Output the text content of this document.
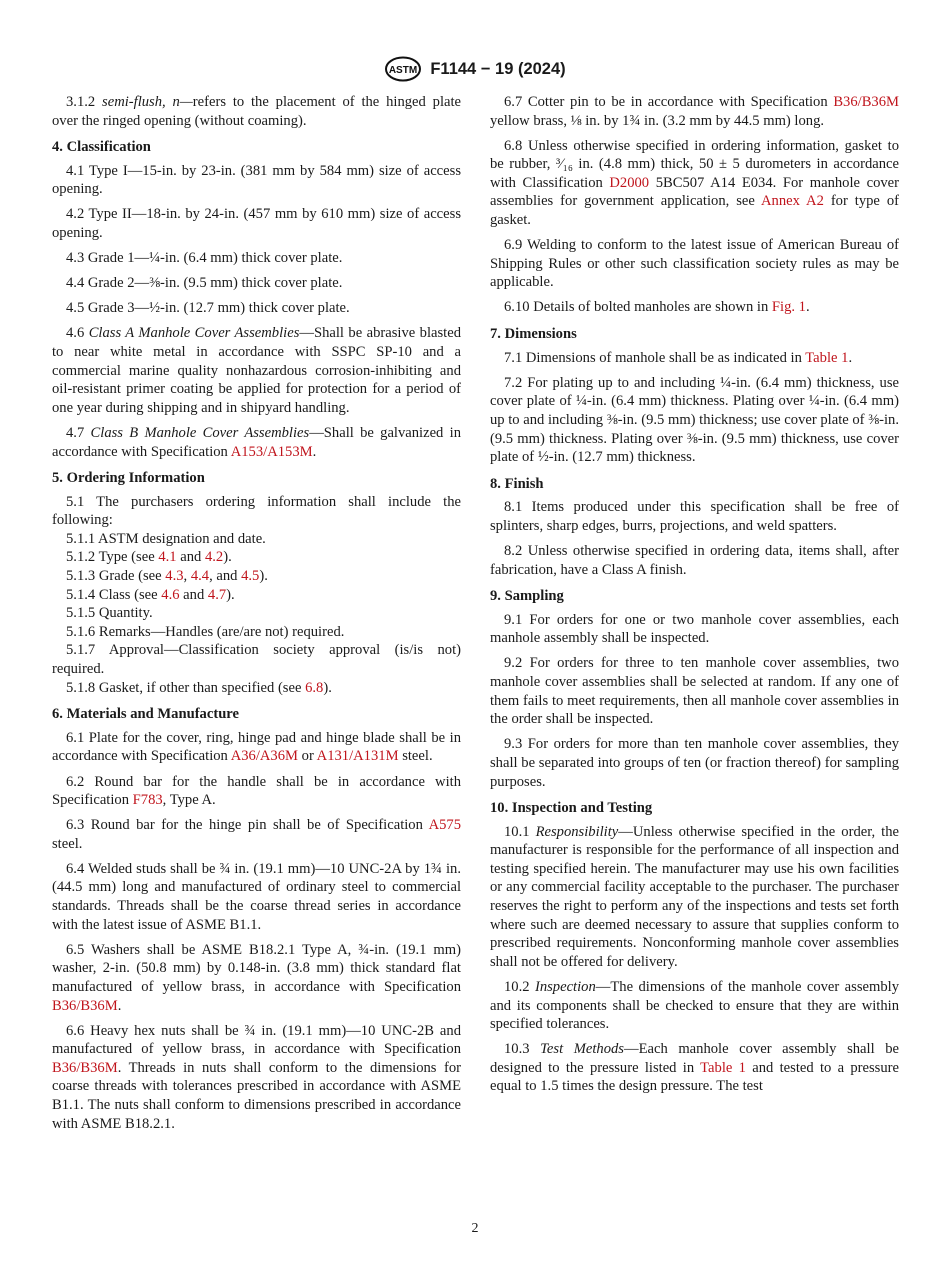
ASTM F1144 − 19 (2024)

3.1.2 semi-flush, n—refers to the placement of the hinged plate over the ringed opening (without coaming).

4. Classification

4.1 Type I—15-in. by 23-in. (381 mm by 584 mm) size of access opening.

4.2 Type II—18-in. by 24-in. (457 mm by 610 mm) size of access opening.

4.3 Grade 1—¼-in. (6.4 mm) thick cover plate.

4.4 Grade 2—⅜-in. (9.5 mm) thick cover plate.

4.5 Grade 3—½-in. (12.7 mm) thick cover plate.

4.6 Class A Manhole Cover Assemblies—Shall be abrasive blasted to near white metal in accordance with SSPC SP-10 and a commercial marine quality nonhazardous corrosion-inhibiting and oil-resistant primer coating be applied for protection for a period of one year during shipping and in shipyard handling.

4.7 Class B Manhole Cover Assemblies—Shall be galvanized in accordance with Specification A153/A153M.

5. Ordering Information

5.1 The purchasers ordering information shall include the following:

5.1.1 ASTM designation and date.
5.1.2 Type (see 4.1 and 4.2).
5.1.3 Grade (see 4.3, 4.4, and 4.5).
5.1.4 Class (see 4.6 and 4.7).
5.1.5 Quantity.
5.1.6 Remarks—Handles (are/are not) required.
5.1.7 Approval—Classification society approval (is/is not) required.
5.1.8 Gasket, if other than specified (see 6.8).
6. Materials and Manufacture

6.1 Plate for the cover, ring, hinge pad and hinge blade shall be in accordance with Specification A36/A36M or A131/A131M steel.

6.2 Round bar for the handle shall be in accordance with Specification F783, Type A.

6.3 Round bar for the hinge pin shall be of Specification A575 steel.

6.4 Welded studs shall be ¾ in. (19.1 mm)—10 UNC-2A by 1¾ in. (44.5 mm) long and manufactured of ordinary steel to commercial standards. Threads shall be the coarse thread series in accordance with the latest issue of ASME B1.1.

6.5 Washers shall be ASME B18.2.1 Type A, ¾-in. (19.1 mm) washer, 2-in. (50.8 mm) by 0.148-in. (3.8 mm) thick standard flat manufactured of yellow brass, in accordance with Specification B36/B36M.

6.6 Heavy hex nuts shall be ¾ in. (19.1 mm)—10 UNC-2B and manufactured of yellow brass, in accordance with Specification B36/B36M. Threads in nuts shall conform to the dimensions for coarse threads with tolerances prescribed in accordance with ASME B1.1. The nuts shall conform to dimensions prescribed in accordance with ASME B18.2.1.

6.7 Cotter pin to be in accordance with Specification B36/B36M yellow brass, ⅛ in. by 1¾ in. (3.2 mm by 44.5 mm) long.

6.8 Unless otherwise specified in ordering information, gasket to be rubber, ³⁄₁₆ in. (4.8 mm) thick, 50 ± 5 durometers in accordance with Classification D2000 5BC507 A14 E034. For manhole cover assemblies for government application, see Annex A2 for type of gasket.

6.9 Welding to conform to the latest issue of American Bureau of Shipping Rules or other such classification society rules as may be applicable.

6.10 Details of bolted manholes are shown in Fig. 1.

7. Dimensions

7.1 Dimensions of manhole shall be as indicated in Table 1.

7.2 For plating up to and including ¼-in. (6.4 mm) thickness, use cover plate of ¼-in. (6.4 mm) thickness. Plating over ¼-in. (6.4 mm) up to and including ⅜-in. (9.5 mm) thickness; use cover plate of ⅜-in. (9.5 mm) thickness. Plating over ⅜-in. (9.5 mm) thickness, use cover plate of ½-in. (12.7 mm) thickness.

8. Finish

8.1 Items produced under this specification shall be free of splinters, sharp edges, burrs, projections, and weld spatters.

8.2 Unless otherwise specified in ordering data, items shall, after fabrication, have a Class A finish.

9. Sampling

9.1 For orders for one or two manhole cover assemblies, each manhole assembly shall be inspected.

9.2 For orders for three to ten manhole cover assemblies, two manhole cover assemblies shall be selected at random. If any one of them fails to meet requirements, then all manhole cover assemblies in the order shall be inspected.

9.3 For orders for more than ten manhole cover assemblies, they shall be separated into groups of ten (or fraction thereof) for sampling purposes.

10. Inspection and Testing

10.1 Responsibility—Unless otherwise specified in the order, the manufacturer is responsible for the performance of all inspection and testing specified herein. The manufacturer may use his own facilities or any commercial facility acceptable to the purchaser. The purchaser reserves the right to perform any of the inspections and tests set forth where such are deemed necessary to assure that supplies conform to prescribed requirements. Nonconforming manhole cover assemblies shall not be offered for delivery.

10.2 Inspection—The dimensions of the manhole cover assembly and its components shall be checked to ensure that they are within specified tolerances.

10.3 Test Methods—Each manhole cover assembly shall be designed to the pressure listed in Table 1 and tested to a pressure equal to 1.5 times the design pressure. The test

2
